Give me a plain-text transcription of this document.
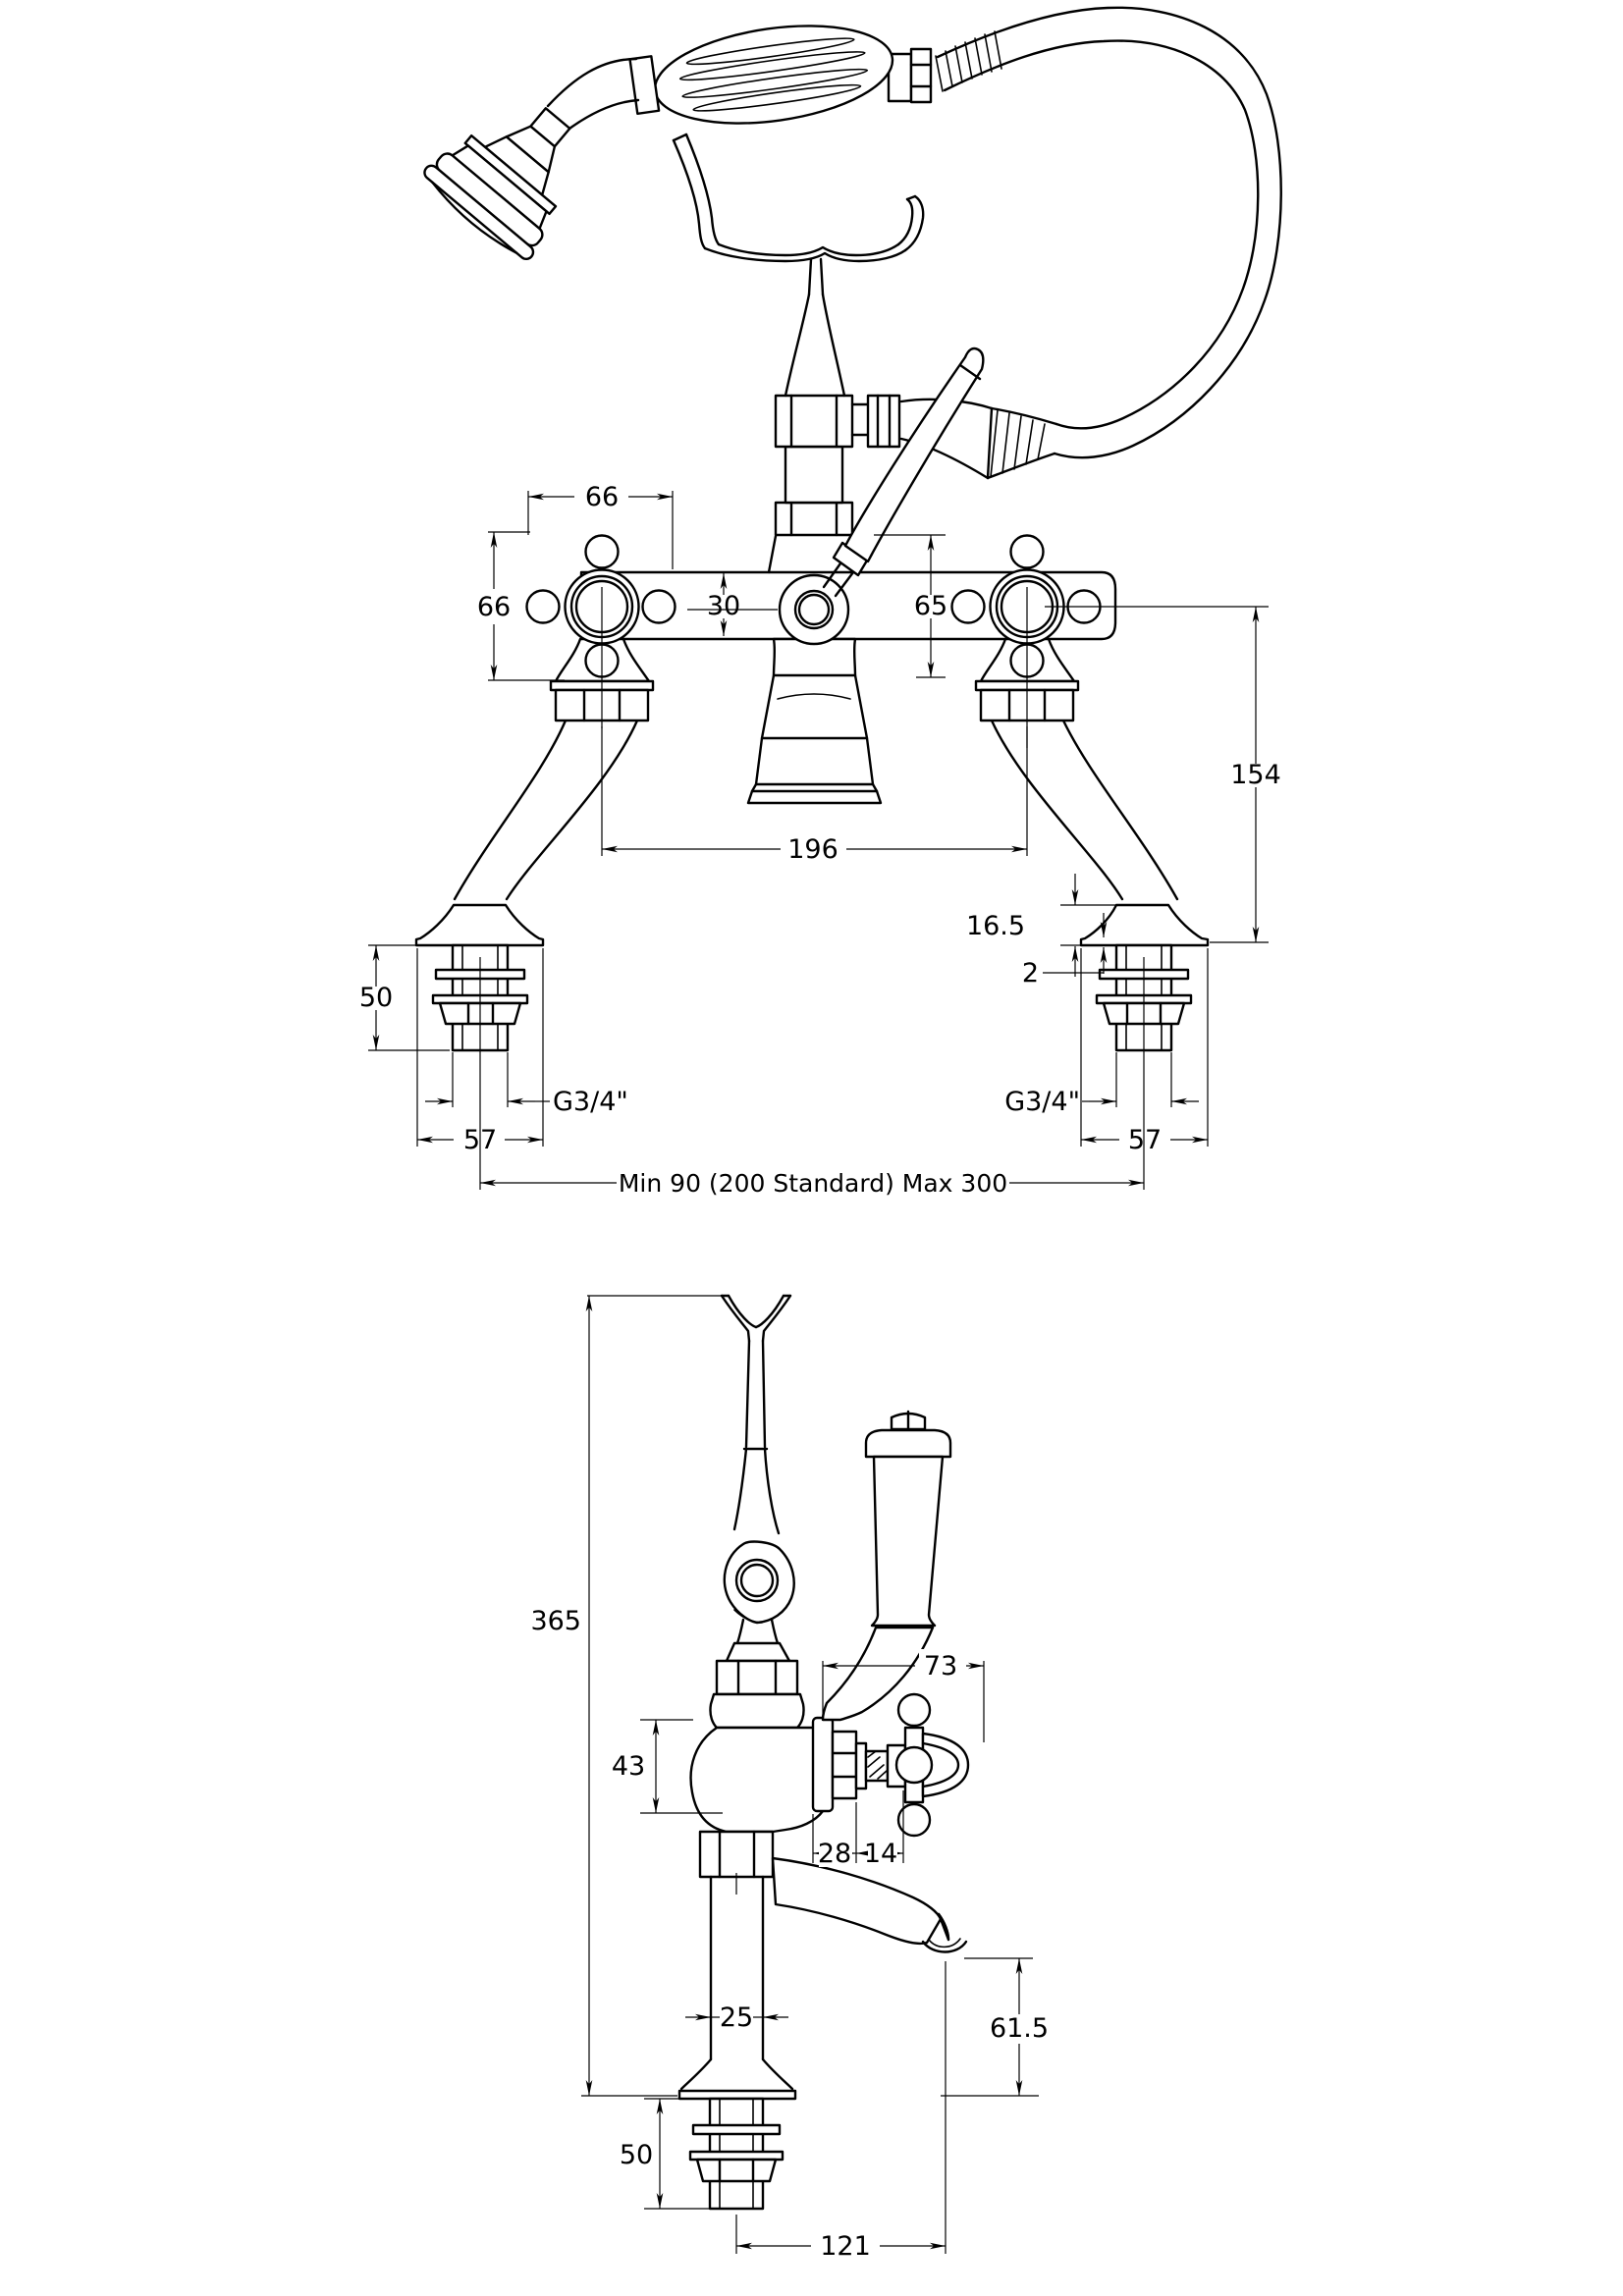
66
66	30	65
154
196
16.5
2
50
G3/4"
57
G3/4"
57
Min 90 (200 Standard) Max 300
365
43
73
28 14
25	61.5
50
121
